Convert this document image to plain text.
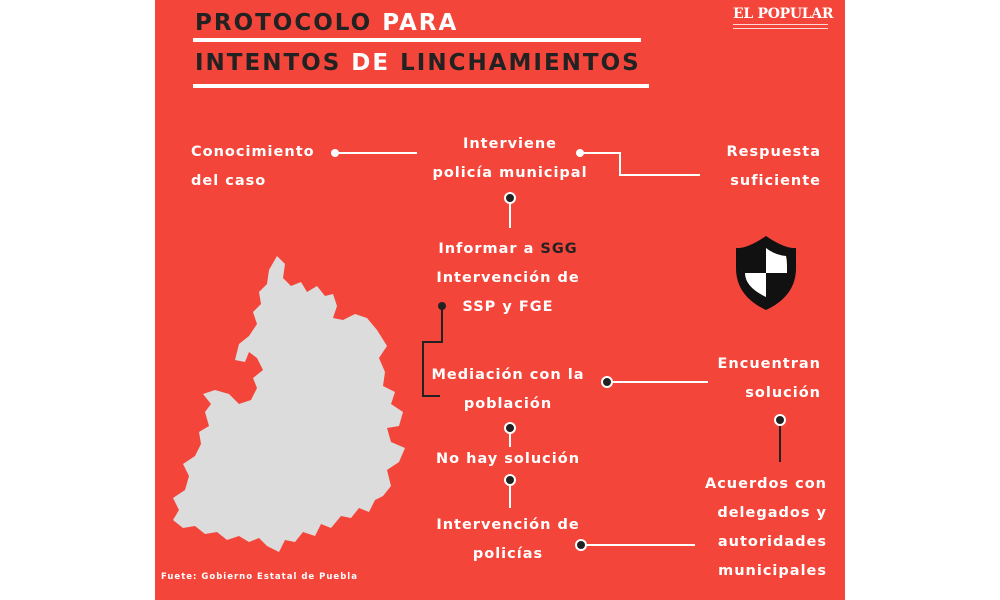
PROTOCOLO PARA
INTENTOS DE LINCHAMIENTOS
EL POPULAR
Conocimiento
del caso
Interviene
policía municipal
Respuesta
suficiente
Informar a SGG
Intervención de
SSP y FGE
Mediación con la
población
Encuentran
solución
No hay solución
Intervención de
policías
Acuerdos con
delegados y
autoridades
municipales
Fuete: Gobierno Estatal de Puebla
